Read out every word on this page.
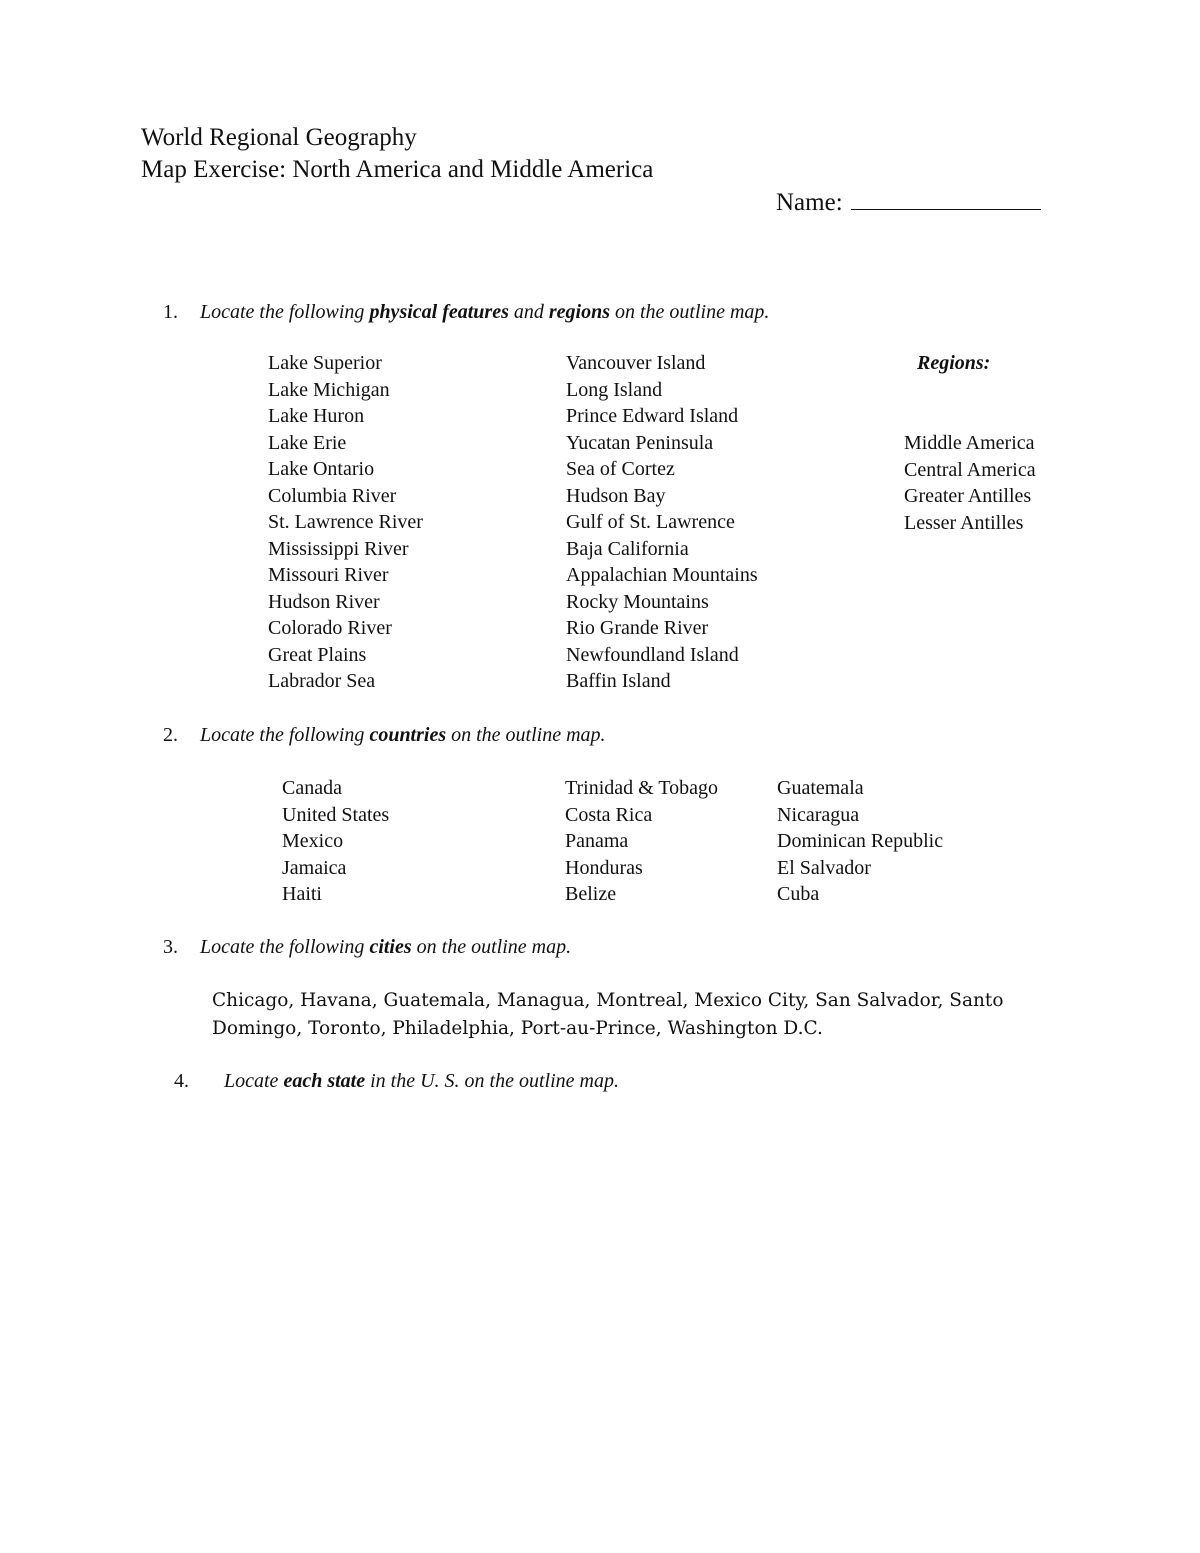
World Regional Geography
Map Exercise: North America and Middle America
Name:
1. Locate the following physical features and regions on the outline map.
Lake Superior
Lake Michigan
Lake Huron
Lake Erie
Lake Ontario
Columbia River
St. Lawrence River
Mississippi River
Missouri River
Hudson River
Colorado River
Great Plains
Labrador Sea
Vancouver Island
Long Island
Prince Edward Island
Yucatan Peninsula
Sea of Cortez
Hudson Bay
Gulf of St. Lawrence
Baja California
Appalachian Mountains
Rocky Mountains
Rio Grande River
Newfoundland Island
Baffin Island
Regions:
Middle America
Central America
Greater Antilles
Lesser Antilles
2. Locate the following countries on the outline map.
Canada
United States
Mexico
Jamaica
Haiti
Trinidad & Tobago
Costa Rica
Panama
Honduras
Belize
Guatemala
Nicaragua
Dominican Republic
El Salvador
Cuba
3. Locate the following cities on the outline map.
Chicago, Havana, Guatemala, Managua, Montreal, Mexico City, San Salvador, Santo Domingo, Toronto, Philadelphia, Port-au-Prince, Washington D.C.
4. Locate each state in the U. S. on the outline map.
